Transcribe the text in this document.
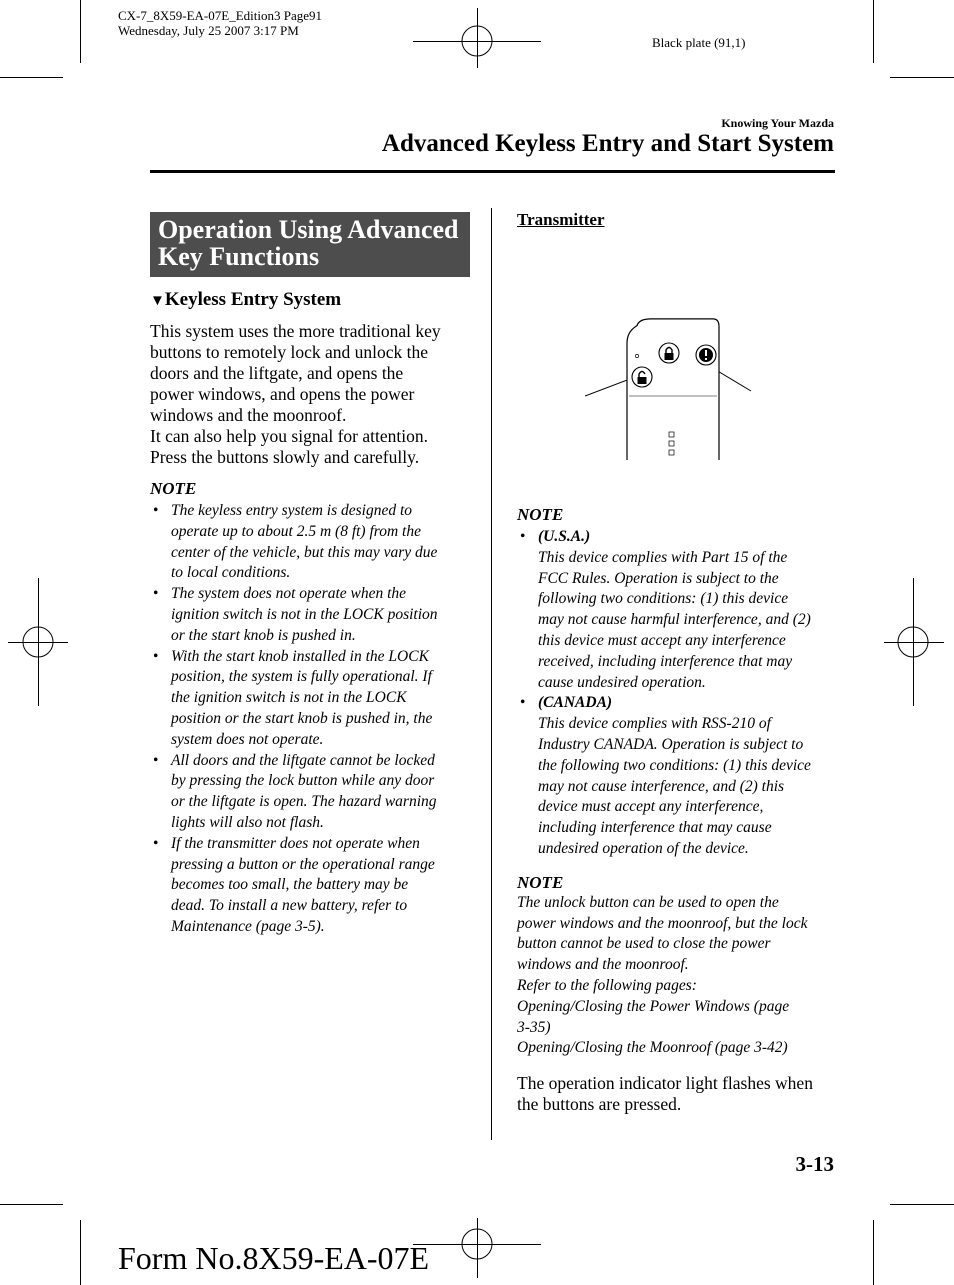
CX-7_8X59-EA-07E_Edition3 Page91
Wednesday, July 25 2007 3:17 PM
Black plate (91,1)
Knowing Your Mazda
Advanced Keyless Entry and Start System
Operation Using Advanced
Key Functions
▼Keyless Entry System
This system uses the more traditional key
buttons to remotely lock and unlock the
doors and the liftgate, and opens the
power windows, and opens the power
windows and the moonroof.
It can also help you signal for attention.
Press the buttons slowly and carefully.
NOTE
• The keyless entry system is designed to
operate up to about 2.5 m (8 ft) from the
center of the vehicle, but this may vary due
to local conditions.
• The system does not operate when the
ignition switch is not in the LOCK position
or the start knob is pushed in.
• With the start knob installed in the LOCK
position, the system is fully operational. If
the ignition switch is not in the LOCK
position or the start knob is pushed in, the
system does not operate.
• All doors and the liftgate cannot be locked
by pressing the lock button while any door
or the liftgate is open. The hazard warning
lights will also not flash.
• If the transmitter does not operate when
pressing a button or the operational range
becomes too small, the battery may be
dead. To install a new battery, refer to
Maintenance (page 3-5).
Transmitter
NOTE
• (U.S.A.)
This device complies with Part 15 of the
FCC Rules. Operation is subject to the
following two conditions: (1) this device
may not cause harmful interference, and (2)
this device must accept any interference
received, including interference that may
cause undesired operation.
• (CANADA)
This device complies with RSS-210 of
Industry CANADA. Operation is subject to
the following two conditions: (1) this device
may not cause interference, and (2) this
device must accept any interference,
including interference that may cause
undesired operation of the device.
NOTE

The unlock button can be used to open the

power windows and the moonroof, but the lock

button cannot be used to close the power

windows and the moonroof.

Refer to the following pages:

Opening/Closing the Power Windows (page

3-35)

Opening/Closing the Moonroof (page 3-42)

The operation indicator light flashes when
the buttons are pressed.
3-13
Form No.8X59-EA-07E
